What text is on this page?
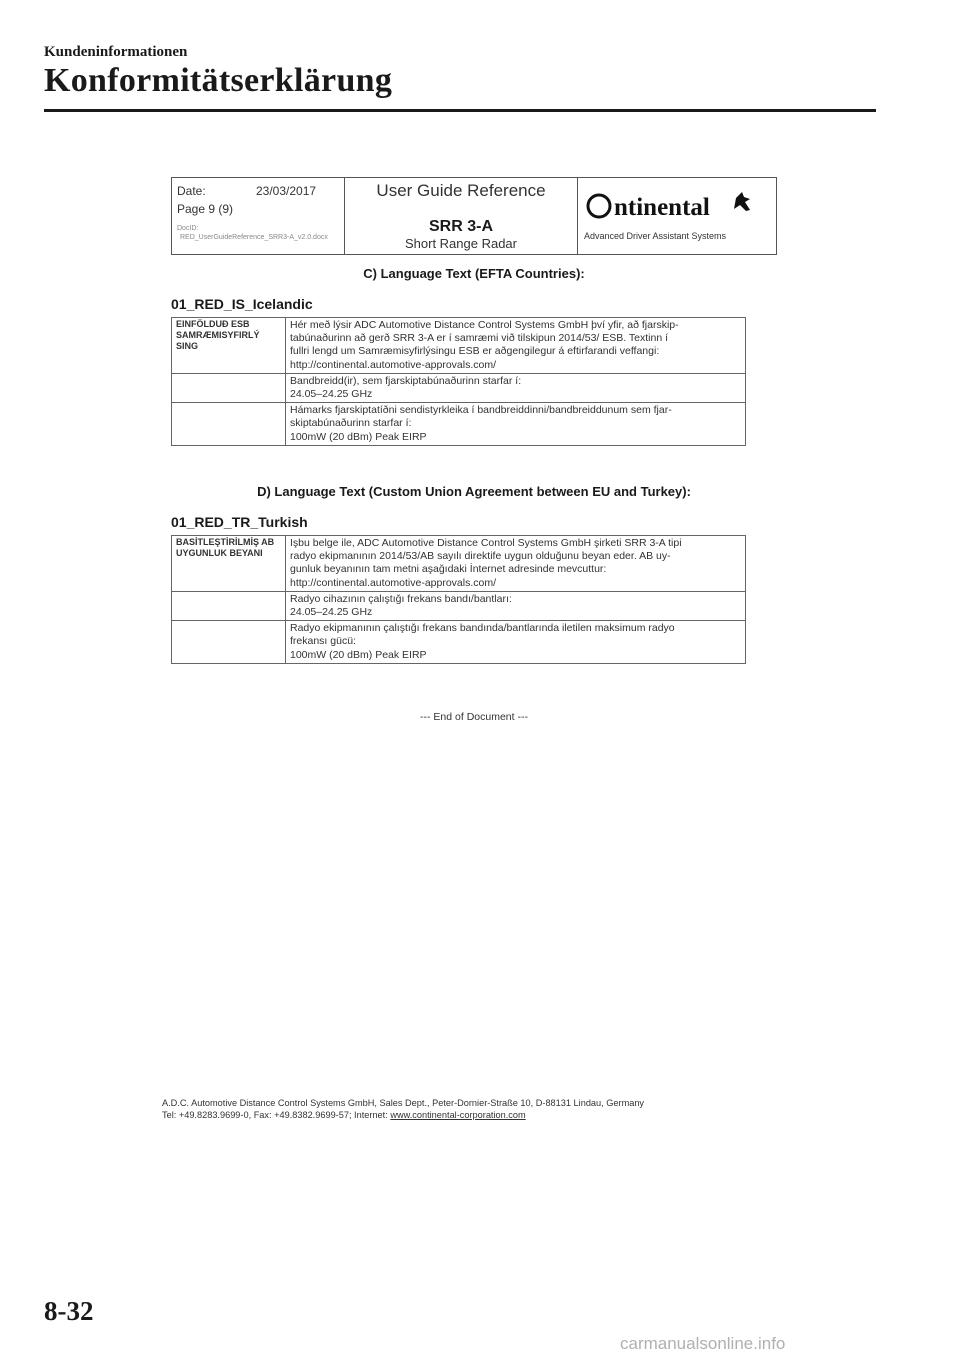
Kundeninformationen
Konformitätserklärung
Date:	23/03/2017
Page 9 (9)
DocID:
RED_UserGuideReference_SRR3-A_v2.0.docx
User Guide Reference
SRR 3-A
Short Range Radar
ntinental
Advanced Driver Assistant Systems
C) Language Text (EFTA Countries):
01_RED_IS_Icelandic
EINFÖLDUÐ ESB SAMRÆMISYFIRLÝ SING	Hér með lýsir ADC Automotive Distance Control Systems GmbH því yfir, að fjarskip-
tabúnaðurinn að gerð SRR 3-A er í samræmi við tilskipun 2014/53/ ESB. Textinn í
fullri lengd um Samræmisyfirlýsingu ESB er aðgengilegur á eftirfarandi veffangi:
http://continental.automotive-approvals.com/

	Bandbreidd(ir), sem fjarskiptabúnaðurinn starfar í:
24.05–24.25 GHz

	Hámarks fjarskiptatíðni sendistyrkleika í bandbreiddinni/bandbreiddunum sem fjar-
skiptabúnaðurinn starfar í:
100mW (20 dBm) Peak EIRP
D) Language Text (Custom Union Agreement between EU and Turkey):
01_RED_TR_Turkish
BASİTLEŞTİRİLMİŞ AB UYGUNLUK BEYANI	Işbu belge ile, ADC Automotive Distance Control Systems GmbH şirketi SRR 3-A tipi
radyo ekipmanının 2014/53/AB sayılı direktife uygun olduğunu beyan eder. AB uy-
gunluk beyanının tam metni aşağıdaki İnternet adresinde mevcuttur:
http://continental.automotive-approvals.com/

	Radyo cihazının çalıştığı frekans bandı/bantları:
24.05–24.25 GHz

	Radyo ekipmanının çalıştığı frekans bandında/bantlarında iletilen maksimum radyo
frekansı gücü:
100mW (20 dBm) Peak EIRP
--- End of Document ---
A.D.C. Automotive Distance Control Systems GmbH, Sales Dept., Peter-Dornier-Straße 10, D-88131 Lindau, Germany
Tel: +49.8283.9699-0, Fax: +49.8382.9699-57; Internet: www.continental-corporation.com
8-32
carmanualsonline.info
